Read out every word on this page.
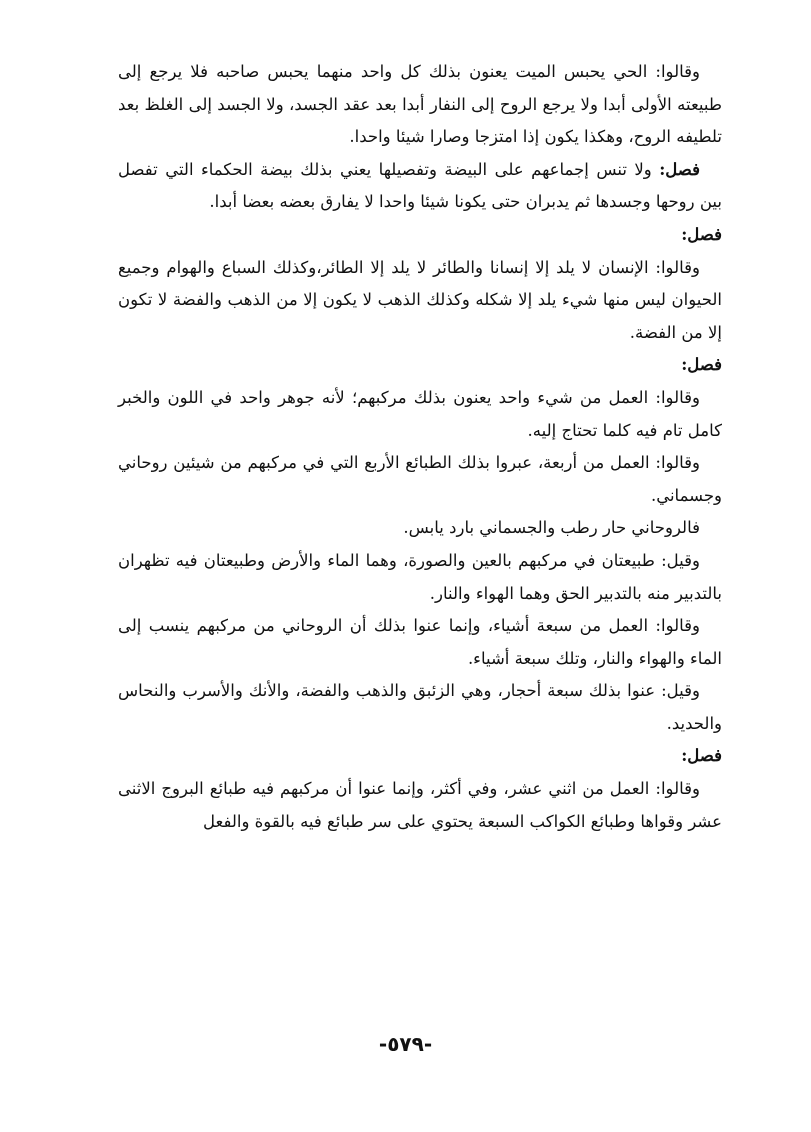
وقالوا: الحي يحبس الميت يعنون بذلك كل واحد منهما يحبس صاحبه فلا يرجع إلى طبيعته الأولى أبدا ولا يرجع الروح إلى النفار أبدا بعد عقد الجسد، ولا الجسد إلى الغلظ بعد تلطيفه الروح، وهكذا يكون إذا امتزجا وصارا شيئا واحدا.

فصل: ولا تنس إجماعهم على البيضة وتفصيلها يعني بذلك بيضة الحكماء التي تفصل بين روحها وجسدها ثم يدبران حتى يكونا شيئا واحدا لا يفارق بعضه بعضا أبدا.

فصل:

وقالوا: الإنسان لا يلد إلا إنسانا والطائر لا يلد إلا الطائر،وكذلك السباع والهوام وجميع الحيوان ليس منها شيء يلد إلا شكله وكذلك الذهب لا يكون إلا من الذهب والفضة لا تكون إلا من الفضة.

فصل:

وقالوا: العمل من شيء واحد يعنون بذلك مركبهم؛ لأنه جوهر واحد في اللون والخبر كامل تام فيه كلما تحتاج إليه.

وقالوا: العمل من أربعة، عبروا بذلك الطبائع الأربع التي في مركبهم من شيئين روحاني وجسماني.

فالروحاني حار رطب والجسماني بارد يابس.

وقيل: طبيعتان في مركبهم بالعين والصورة، وهما الماء والأرض وطبيعتان فيه تظهران بالتدبير منه بالتدبير الحق وهما الهواء والنار.

وقالوا: العمل من سبعة أشياء، وإنما عنوا بذلك أن الروحاني من مركبهم ينسب إلى الماء والهواء والنار، وتلك سبعة أشياء.

وقيل: عنوا بذلك سبعة أحجار، وهي الزئبق والذهب والفضة، والأنك والأسرب والنحاس والحديد.

فصل:

وقالوا: العمل من اثني عشر، وفي أكثر، وإنما عنوا أن مركبهم فيه طبائع البروج الاثنى عشر وقواها وطبائع الكواكب السبعة يحتوي على سر طبائع فيه بالقوة والفعل

-٥٧٩-
